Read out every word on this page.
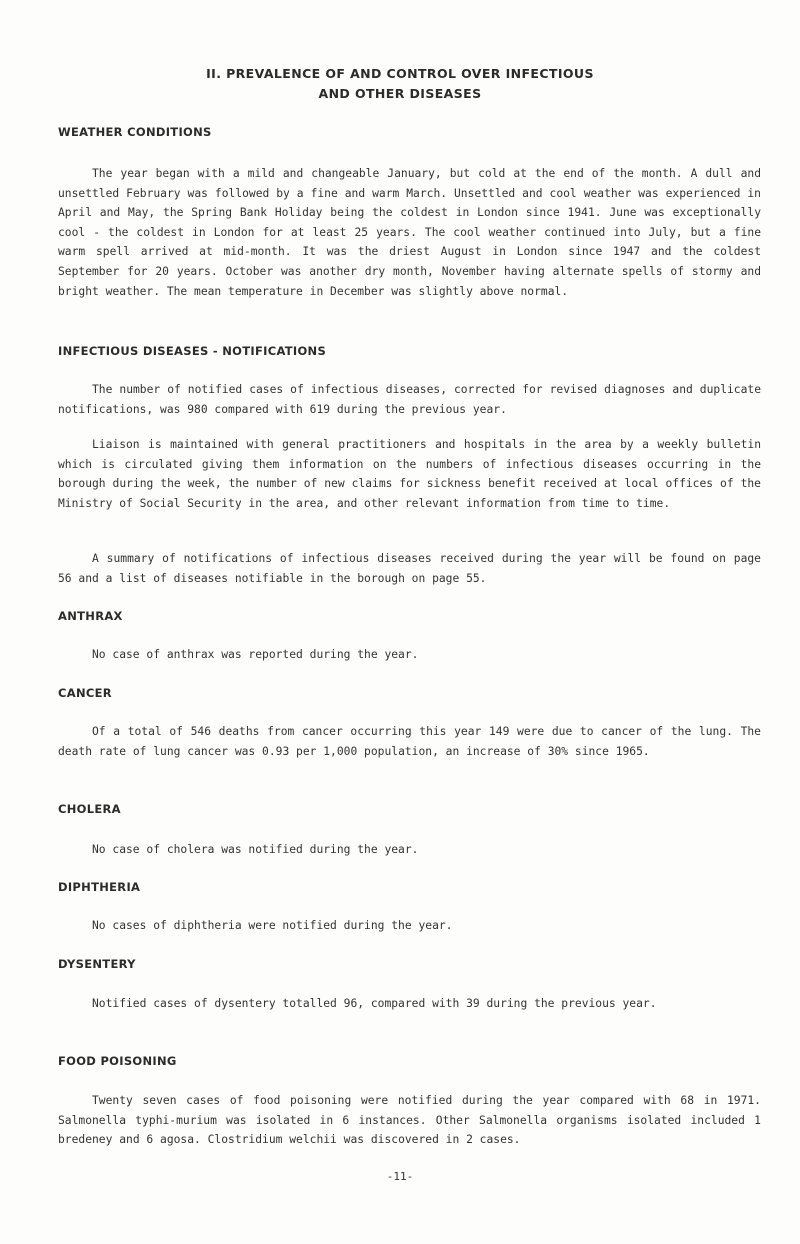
II. PREVALENCE OF AND CONTROL OVER INFECTIOUS
AND OTHER DISEASES
WEATHER CONDITIONS

The year began with a mild and changeable January, but cold at the end of the month. A dull and unsettled February was followed by a fine and warm March. Unsettled and cool weather was experienced in April and May, the Spring Bank Holiday being the coldest in London since 1941. June was exceptionally cool - the coldest in London for at least 25 years. The cool weather continued into July, but a fine warm spell arrived at mid-month. It was the driest August in London since 1947 and the coldest September for 20 years. October was another dry month, November having alternate spells of stormy and bright weather. The mean temperature in December was slightly above normal.

INFECTIOUS DISEASES - NOTIFICATIONS

The number of notified cases of infectious diseases, corrected for revised diagnoses and duplicate notifications, was 980 compared with 619 during the previous year.

Liaison is maintained with general practitioners and hospitals in the area by a weekly bulletin which is circulated giving them information on the numbers of infectious diseases occurring in the borough during the week, the number of new claims for sickness benefit received at local offices of the Ministry of Social Security in the area, and other relevant information from time to time.

A summary of notifications of infectious diseases received during the year will be found on page 56 and a list of diseases notifiable in the borough on page 55.

ANTHRAX

No case of anthrax was reported during the year.

CANCER

Of a total of 546 deaths from cancer occurring this year 149 were due to cancer of the lung. The death rate of lung cancer was 0.93 per 1,000 population, an increase of 30% since 1965.

CHOLERA

No case of cholera was notified during the year.

DIPHTHERIA

No cases of diphtheria were notified during the year.

DYSENTERY

Notified cases of dysentery totalled 96, compared with 39 during the previous year.

FOOD POISONING

Twenty seven cases of food poisoning were notified during the year compared with 68 in 1971. Salmonella typhi-murium was isolated in 6 instances. Other Salmonella organisms isolated included 1 bredeney and 6 agosa. Clostridium welchii was discovered in 2 cases.

-11-
